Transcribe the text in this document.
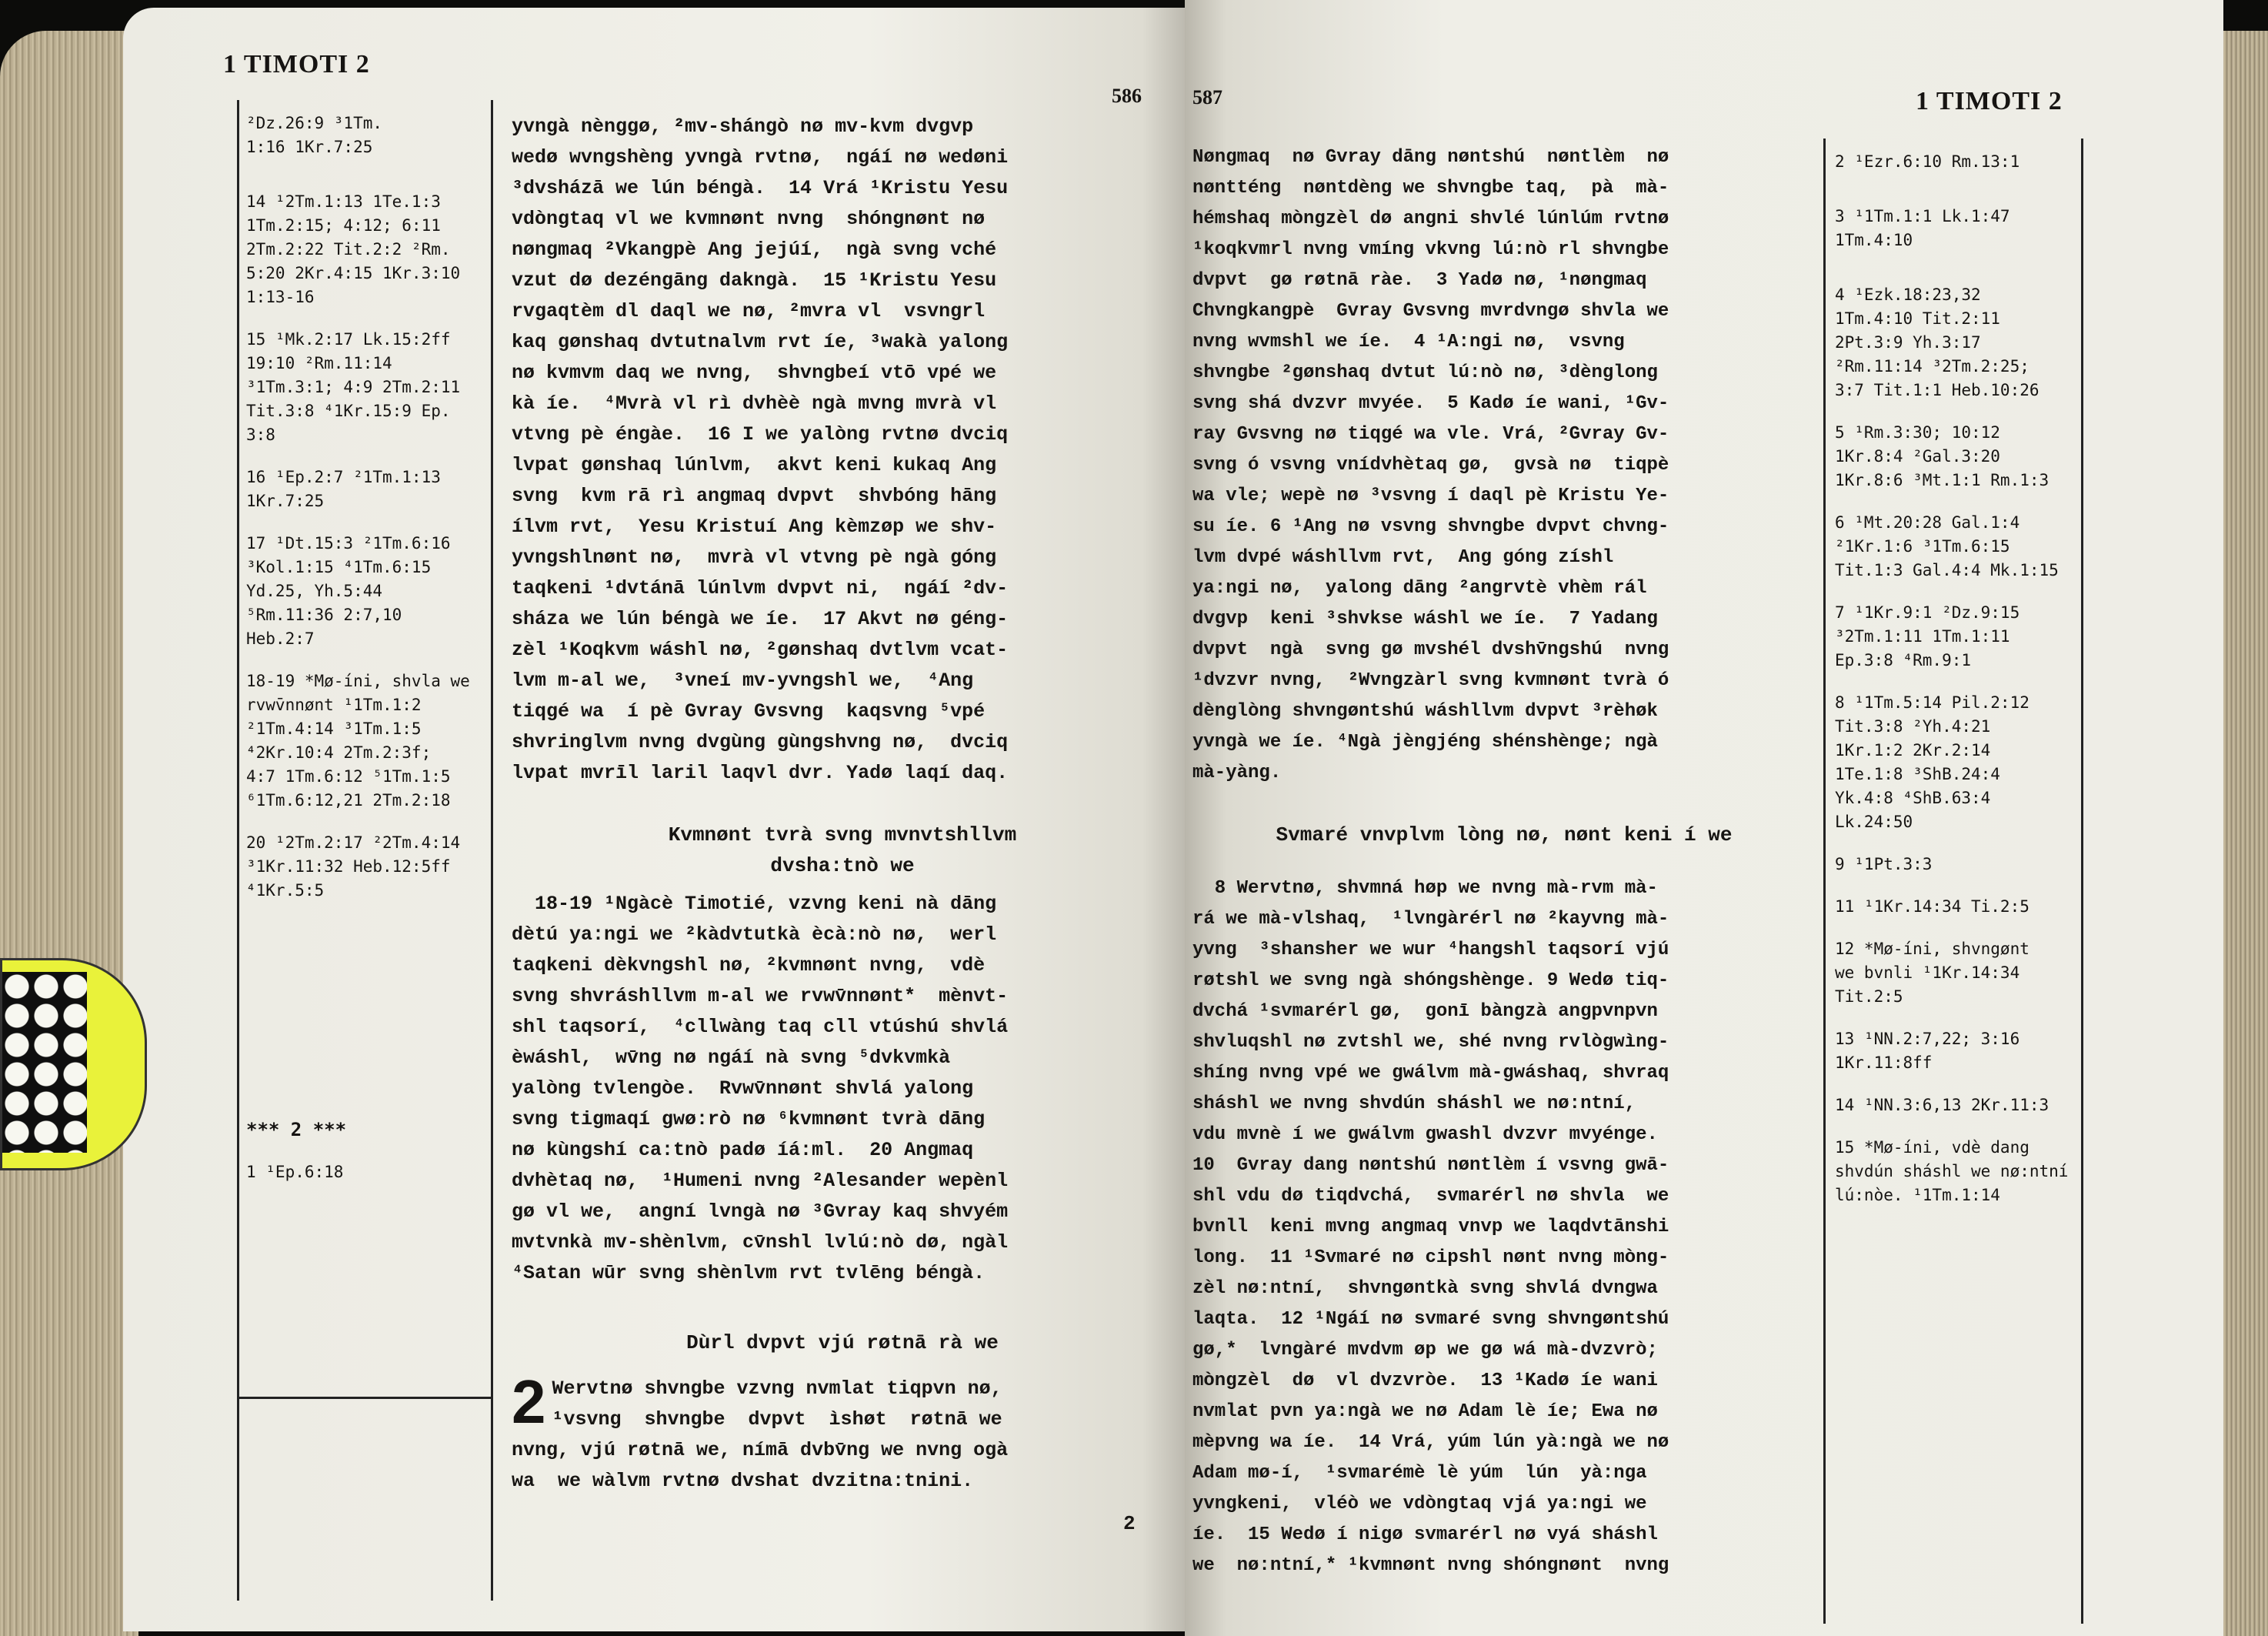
1 TIMOTI 2
586
²Dz.26:9 ³1Tm.
1:16 1Kr.7:25
14 ¹2Tm.1:13 1Te.1:3
1Tm.2:15; 4:12; 6:11
2Tm.2:22 Tit.2:2 ²Rm.
5:20 2Kr.4:15 1Kr.3:10
1:13-16
15 ¹Mk.2:17 Lk.15:2ff
19:10 ²Rm.11:14
³1Tm.3:1; 4:9 2Tm.2:11
Tit.3:8 ⁴1Kr.15:9 Ep.
3:8
16 ¹Ep.2:7 ²1Tm.1:13
1Kr.7:25
17 ¹Dt.15:3 ²1Tm.6:16
³Kol.1:15 ⁴1Tm.6:15
Yd.25, Yh.5:44
⁵Rm.11:36 2:7,10
Heb.2:7
18-19 *Mø-íni, shvla we
rvwv̄nnønt ¹1Tm.1:2
²1Tm.4:14 ³1Tm.1:5
⁴2Kr.10:4 2Tm.2:3f;
4:7 1Tm.6:12 ⁵1Tm.1:5
⁶1Tm.6:12,21 2Tm.2:18
20 ¹2Tm.2:17 ²2Tm.4:14
³1Kr.11:32 Heb.12:5ff
⁴1Kr.5:5
*** 2 ***
1 ¹Ep.6:18
yvngà nènggø, ²mv-shángò nø mv-kvm dvgvp
wedø wvngshèng yvngà rvtnø,  ngáí nø wedøni
³dvsházā we lún béngà.  14 Vrá ¹Kristu Yesu
vdòngtaq vl we kvmnønt nvng  shóngnønt nø
nøngmaq ²Vkangpè Ang jejúí,  ngà svng vché
vzut dø dezéngāng dakngà.  15 ¹Kristu Yesu
rvgaqtèm dl daql we nø, ²mvra vl  vsvngrl
kaq gønshaq dvtutnalvm rvt íe, ³wakà yalong
nø kvmvm daq we nvng,  shvngbeí vtō vpé we
kà íe.  ⁴Mvrà vl rì dvhèè ngà mvng mvrà vl
vtvng pè éngàe.  16 I we yalòng rvtnø dvciq
lvpat gønshaq lúnlvm,  akvt keni kukaq Ang
svng  kvm rā rì angmaq dvpvt  shvbóng hāng
ílvm rvt,  Yesu Kristuí Ang kèmzøp we shv-
yvngshlnønt nø,  mvrà vl vtvng pè ngà góng
taqkeni ¹dvtánā lúnlvm dvpvt ni,  ngáí ²dv-
sháza we lún béngà we íe.  17 Akvt nø géng-
zèl ¹Koqkvm wáshl nø, ²gønshaq dvtlvm vcat-
lvm m-al we,  ³vneí mv-yvngshl we,  ⁴Ang
tiqgé wa  í pè Gvray Gvsvng  kaqsvng ⁵vpé
shvringlvm nvng dvgùng gùngshvng nø,  dvciq
lvpat mvrīl laril laqvl dvr. Yadø laqí daq.
Kvmnønt tvrà svng mvnvtshllvm
dvsha:tnò we
18-19 ¹Ngàcè Timotié, vzvng keni nà dāng
dètú ya:ngi we ²kàdvtutkà ècà:nò nø,  werl
taqkeni dèkvngshl nø, ²kvmnønt nvng,  vdè
svng shvráshllvm m-al we rvwv̄nnønt*  mènvt-
shl taqsorí,  ⁴cllwàng taq cll vtúshú shvlá
èwáshl,  wv̄ng nø ngáí nà svng ⁵dvkvmkà
yalòng tvlengòe.  Rvwv̄nnønt shvlá yalong
svng tigmaqí gwø:rò nø ⁶kvmnønt tvrà dāng
nø kùngshí ca:tnò padø íá:ml.  20 Angmaq
dvhètaq nø,  ¹Humeni nvng ²Alesander wepènl
gø vl we,  angní lvngà nø ³Gvray kaq shvyém
mvtvnkà mv-shènlvm, cv̄nshl lvlú:nò dø, ngàl
⁴Satan wūr svng shènlvm rvt tvlēng béngà.
Dùrl dvpvt vjú røtnā rà we
2 Wervtnø shvngbe vzvng nvmlat tiqpvn nø,
¹vsvng  shvngbe  dvpvt  ìshøt  røtnā we
nvng, vjú røtnā we, nímā dvbv̄ng we nvng ogà
wa  we wàlvm rvtnø dvshat dvzitna:tnini.
2
587	1 TIMOTI 2
Nøngmaq  nø Gvray dāng nøntshú  nøntlèm  nø
nøntténg  nøntdèng we shvngbe taq,  pà  mà-
hémshaq mòngzèl dø angni shvlé lúnlúm rvtnø
¹koqkvmrl nvng vmíng vkvng lú:nò rl shvngbe
dvpvt  gø røtnā ràe.  3 Yadø nø, ¹nøngmaq
Chvngkangpè  Gvray Gvsvng mvrdvngø shvla we
nvng wvmshl we íe.  4 ¹A:ngi nø,  vsvng
shvngbe ²gønshaq dvtut lú:nò nø, ³dènglong
svng shá dvzvr mvyée.  5 Kadø íe wani, ¹Gv-
ray Gvsvng nø tiqgé wa vle. Vrá, ²Gvray Gv-
svng ó vsvng vnídvhètaq gø,  gvsà nø  tiqpè
wa vle; wepè nø ³vsvng í daql pè Kristu Ye-
su íe. 6 ¹Ang nø vsvng shvngbe dvpvt chvng-
lvm dvpé wáshllvm rvt,  Ang góng zíshl
ya:ngi nø,  yalong dāng ²angrvtè vhèm rál
dvgvp  keni ³shvkse wáshl we íe.  7 Yadang
dvpvt  ngà  svng gø mvshél dvshv̄ngshú  nvng
¹dvzvr nvng,  ²Wvngzàrl svng kvmnønt tvrà ó
dènglòng shvngøntshú wáshllvm dvpvt ³rèhøk
yvngà we íe. ⁴Ngà jèngjéng shénshènge; ngà
mà-yàng.
Svmaré vnvplvm lòng nø, nønt keni í we
8 Wervtnø, shvmná høp we nvng mà-rvm mà-
rá we mà-vlshaq,  ¹lvngàrérl nø ²kayvng mà-
yvng  ³shansher we wur ⁴hangshl taqsorí vjú
røtshl we svng ngà shóngshènge. 9 Wedø tiq-
dvchá ¹svmarérl gø,  gonī bàngzà angpvnpvn
shvluqshl nø zvtshl we, shé nvng rvlògwìng-
shíng nvng vpé we gwálvm mà-gwáshaq, shvraq
sháshl we nvng shvdún sháshl we nø:ntní,
vdu mvnè í we gwálvm gwashl dvzvr mvyénge.
10  Gvray dang nøntshú nøntlèm í vsvng gwā-
shl vdu dø tiqdvchá,  svmarérl nø shvla  we
bvnll  keni mvng angmaq vnvp we laqdvtānshi
long.  11 ¹Svmaré nø cipshl nønt nvng mòng-
zèl nø:ntní,  shvngøntkà svng shvlá dvngwa
laqta.  12 ¹Ngáí nø svmaré svng shvngøntshú
gø,*  lvngàré mvdvm øp we gø wá mà-dvzvrò;
mòngzèl  dø  vl dvzvròe.  13 ¹Kadø íe wani
nvmlat pvn ya:ngà we nø Adam lè íe; Ewa nø
mèpvng wa íe.  14 Vrá, yúm lún yà:ngà we nø
Adam mø-í,  ¹svmarémè lè yúm  lún  yà:nga
yvngkeni,  vléò we vdòngtaq vjá ya:ngi we
íe.  15 Wedø í nigø svmarérl nø vyá sháshl
we  nø:ntní,* ¹kvmnønt nvng shóngnønt  nvng
2 ¹Ezr.6:10 Rm.13:1
3 ¹1Tm.1:1 Lk.1:47
1Tm.4:10
4 ¹Ezk.18:23,32
1Tm.4:10 Tit.2:11
2Pt.3:9 Yh.3:17
²Rm.11:14 ³2Tm.2:25;
3:7 Tit.1:1 Heb.10:26
5 ¹Rm.3:30; 10:12
1Kr.8:4 ²Gal.3:20
1Kr.8:6 ³Mt.1:1 Rm.1:3
6 ¹Mt.20:28 Gal.1:4
²1Kr.1:6 ³1Tm.6:15
Tit.1:3 Gal.4:4 Mk.1:15
7 ¹1Kr.9:1 ²Dz.9:15
³2Tm.1:11 1Tm.1:11
Ep.3:8 ⁴Rm.9:1
8 ¹1Tm.5:14 Pil.2:12
Tit.3:8 ²Yh.4:21
1Kr.1:2 2Kr.2:14
1Te.1:8 ³ShB.24:4
Yk.4:8 ⁴ShB.63:4
Lk.24:50
9 ¹1Pt.3:3
11 ¹1Kr.14:34 Ti.2:5
12 *Mø-íni, shvngønt
we bvnli ¹1Kr.14:34
Tit.2:5
13 ¹NN.2:7,22; 3:16
1Kr.11:8ff
14 ¹NN.3:6,13 2Kr.11:3
15 *Mø-íni, vdè dang
shvdún sháshl we nø:ntní
lú:nòe. ¹1Tm.1:14
